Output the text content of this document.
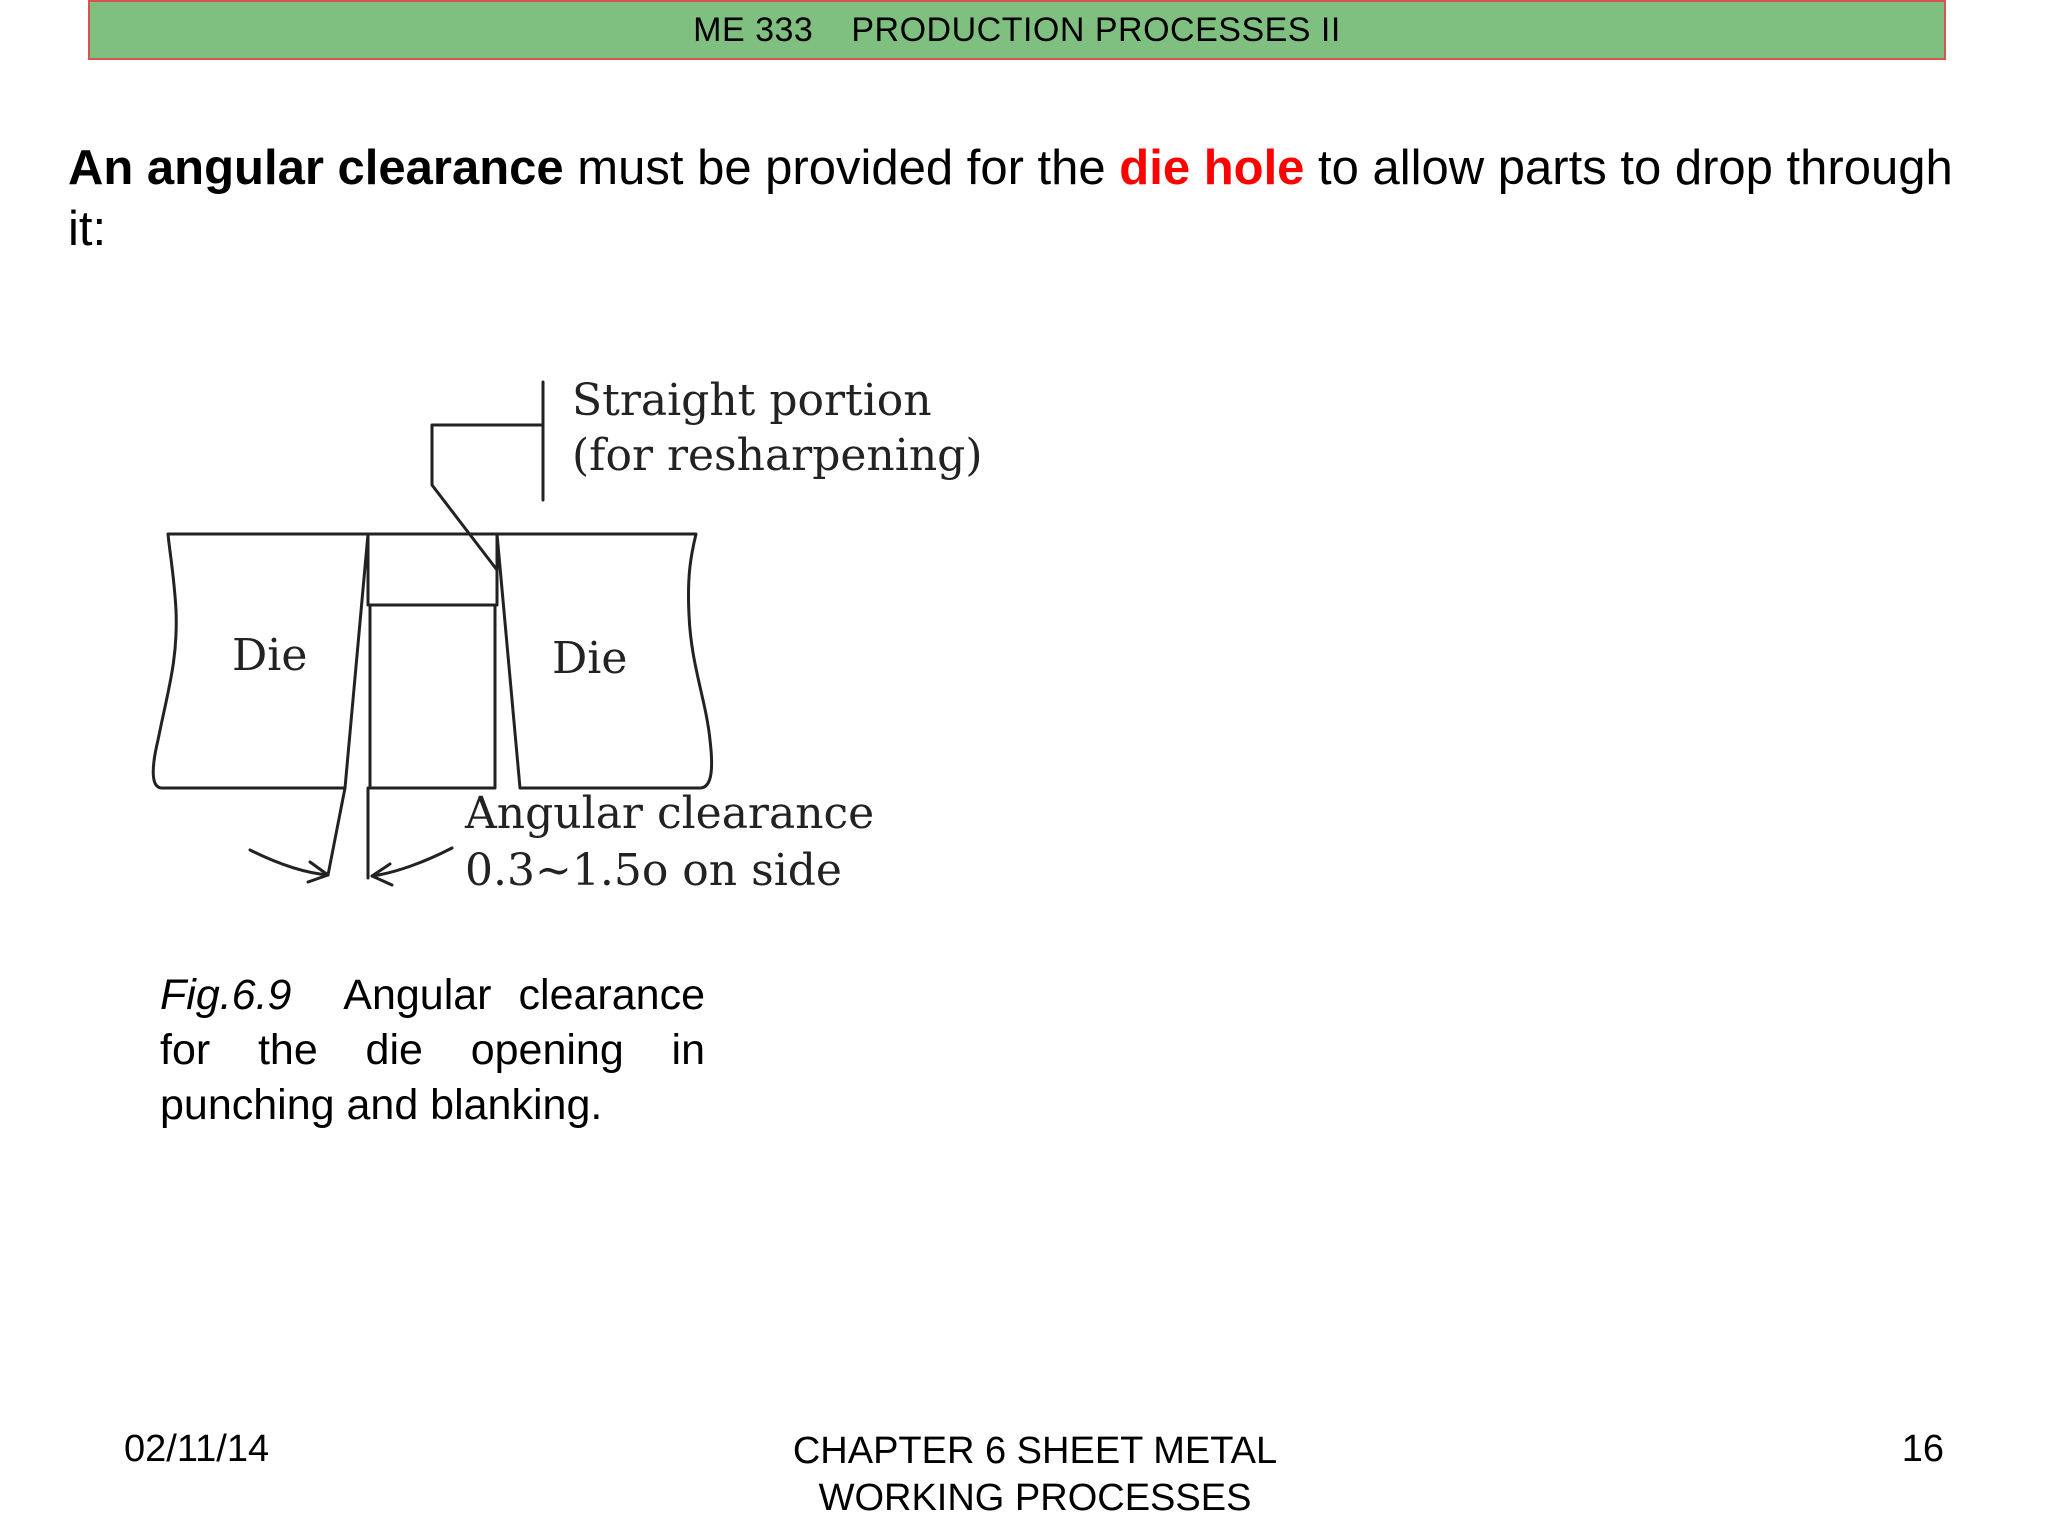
ME 333 PRODUCTION PROCESSES II
An angular clearance must be provided for the die hole to allow parts to drop through it:
Die	Die
Straight portion
(for resharpening)
Angular clearance
0.3~1.5o on side
Fig.6.9 Angular clearance for the die opening in punching and blanking.
02/11/14	CHAPTER 6 SHEET METAL
WORKING PROCESSES
16
